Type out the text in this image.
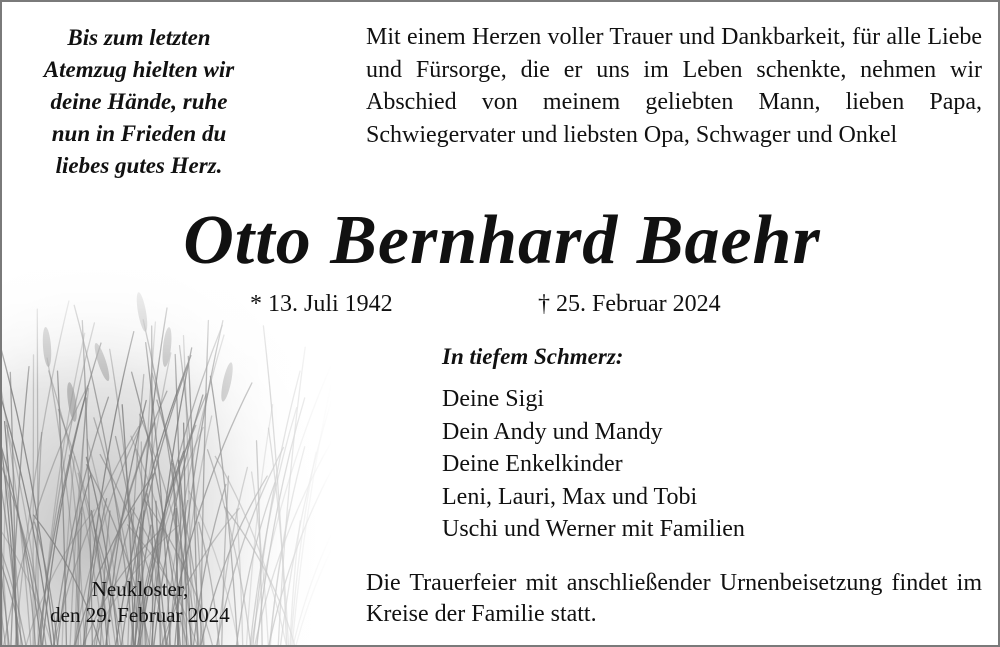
Bis zum letzten
Atemzug hielten wir
deine Hände, ruhe
nun in Frieden du
liebes gutes Herz.
Mit einem Herzen voller Trauer und Dankbarkeit, für alle Liebe und Fürsorge, die er uns im Leben schenkte, nehmen wir Abschied von meinem geliebten Mann, lieben Papa, Schwiegervater und liebsten Opa, Schwager und Onkel
Otto Bernhard Baehr
* 13. Juli 1942	† 25. Februar 2024
In tiefem Schmerz:
Deine Sigi
Dein Andy und Mandy
Deine Enkelkinder
Leni, Lauri, Max und Tobi
Uschi und Werner mit Familien
Neukloster,
den 29. Februar 2024
Die Trauerfeier mit anschließender Urnenbeisetzung findet im Kreise der Familie statt.
